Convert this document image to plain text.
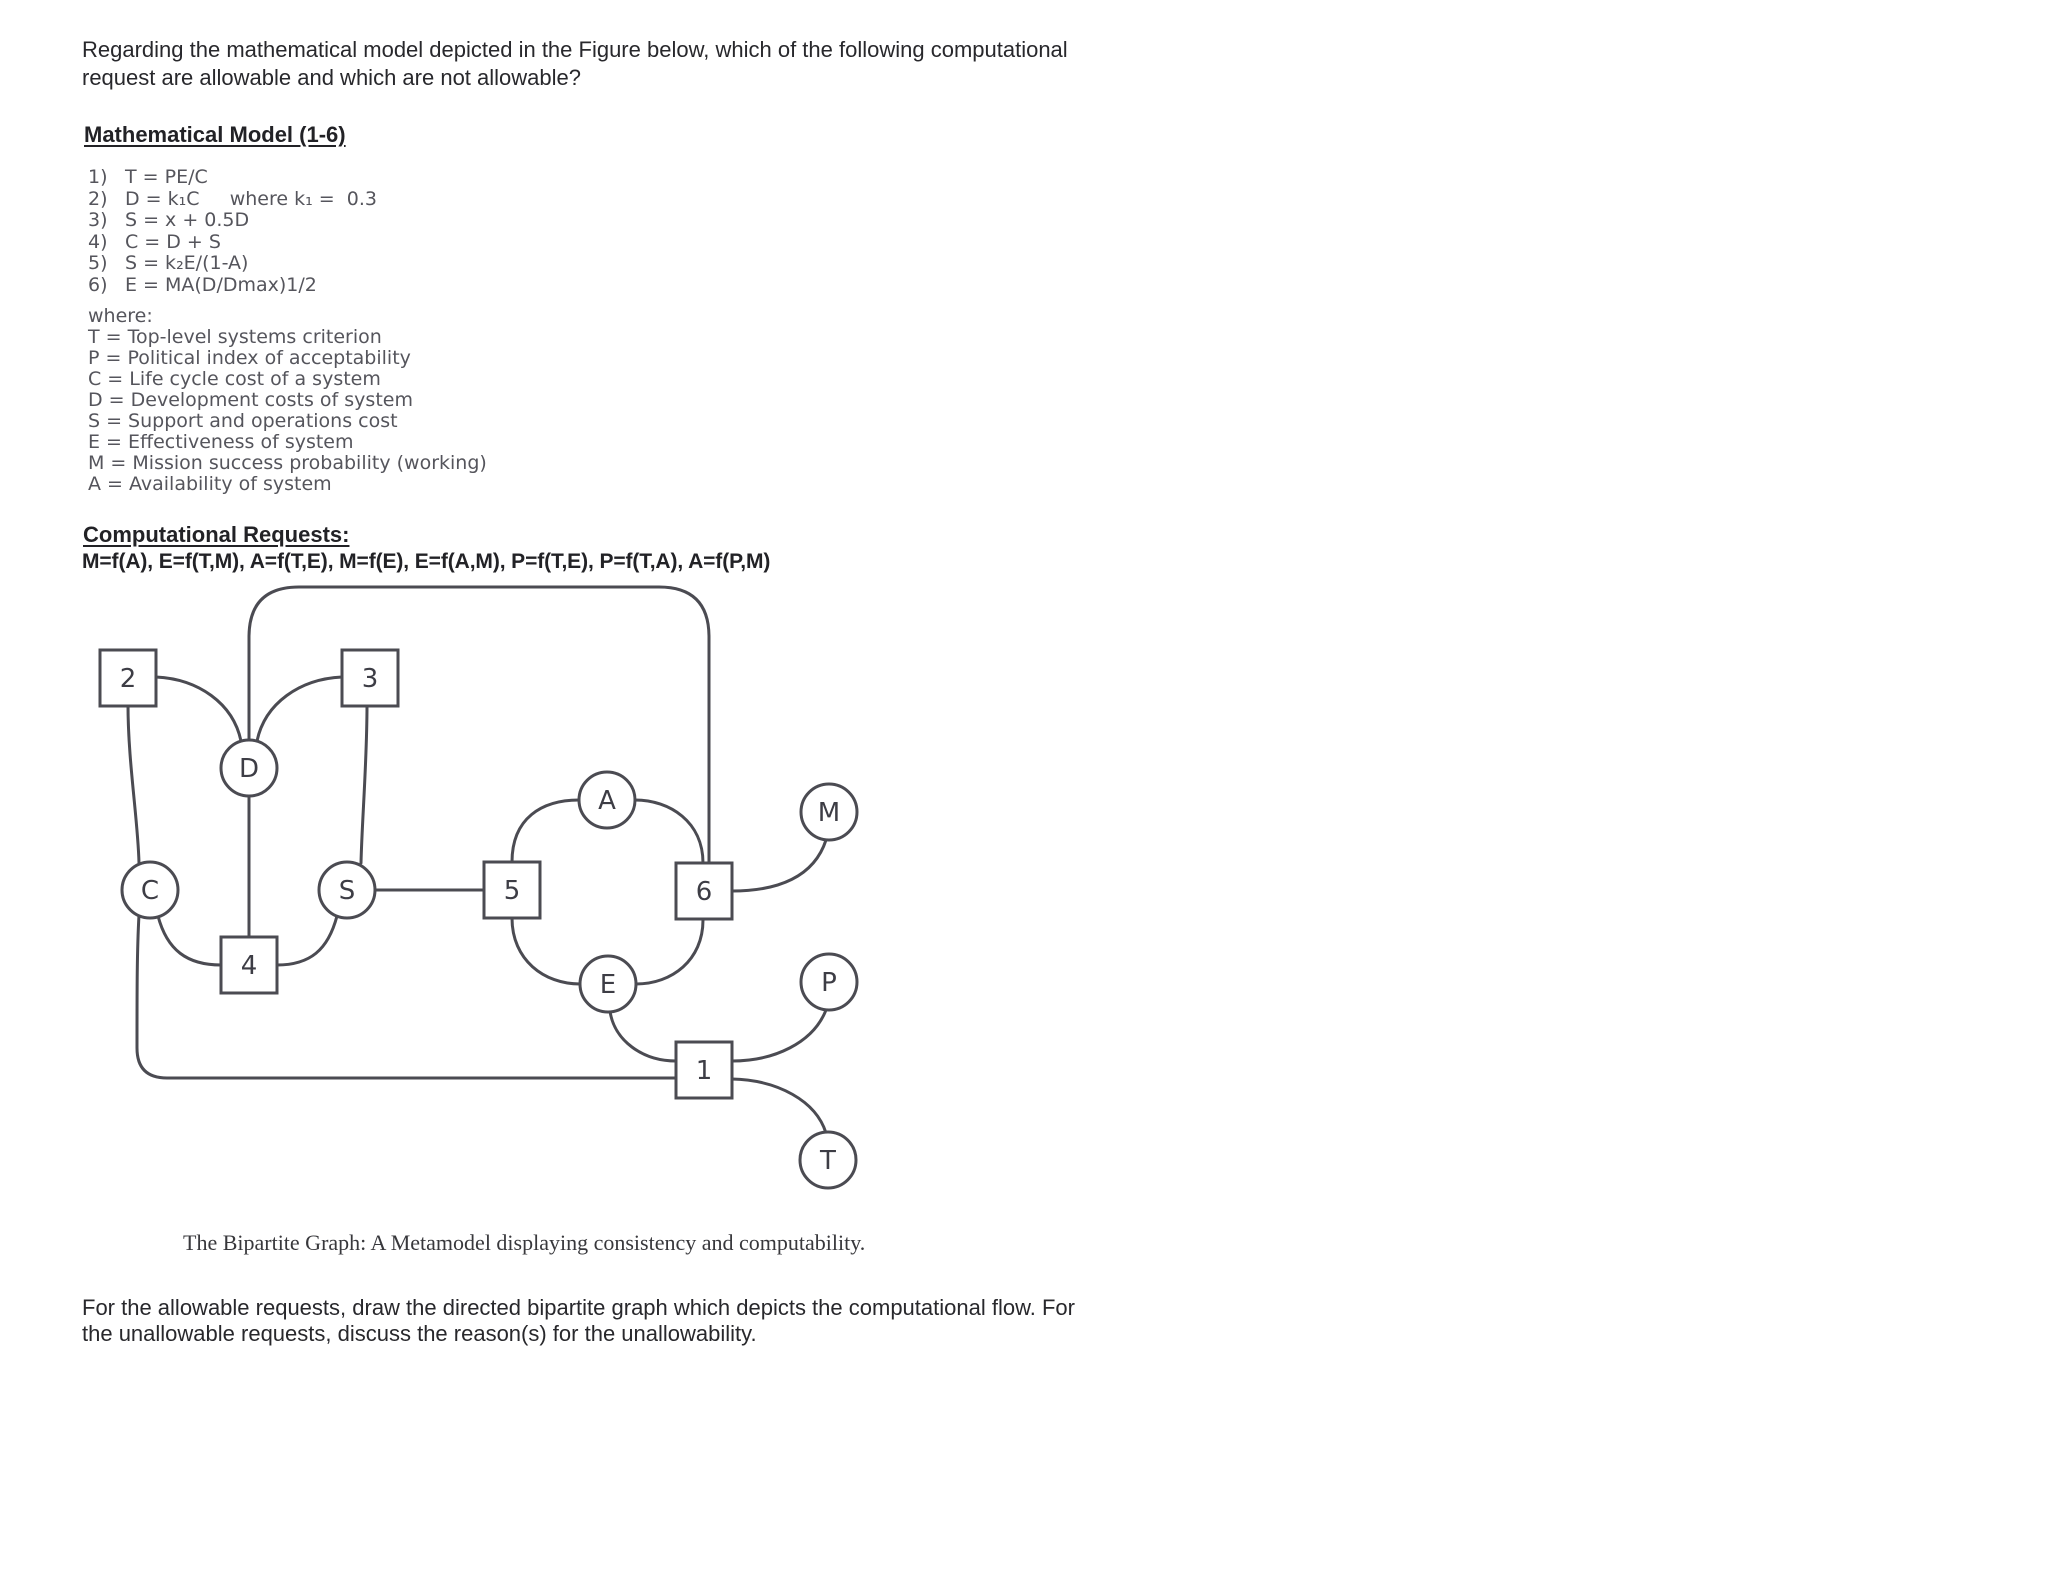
Regarding the mathematical model depicted in the Figure below, which of the following computational
request are allowable and which are not allowable?
Mathematical Model (1-6)
1) T = PE/C
2) D = k₁C     where k₁ =  0.3
3) S = x + 0.5D
4) C = D + S
5) S = k₂E/(1-A)
6) E = MA(D/Dmax)1/2
where:
T = Top-level systems criterion
P = Political index of acceptability
C = Life cycle cost of a system
D = Development costs of system
S = Support and operations cost
E = Effectiveness of system
M = Mission success probability (working)
A = Availability of system
Computational Requests:
M=f(A), E=f(T,M), A=f(T,E), M=f(E), E=f(A,M), P=f(T,E), P=f(T,A), A=f(P,M)
2	3
4
5	6
1
D
C	S
A	M
E	P
T
The Bipartite Graph: A Metamodel displaying consistency and computability.
For the allowable requests, draw the directed bipartite graph which depicts the computational flow. For
the unallowable requests, discuss the reason(s) for the unallowability.
